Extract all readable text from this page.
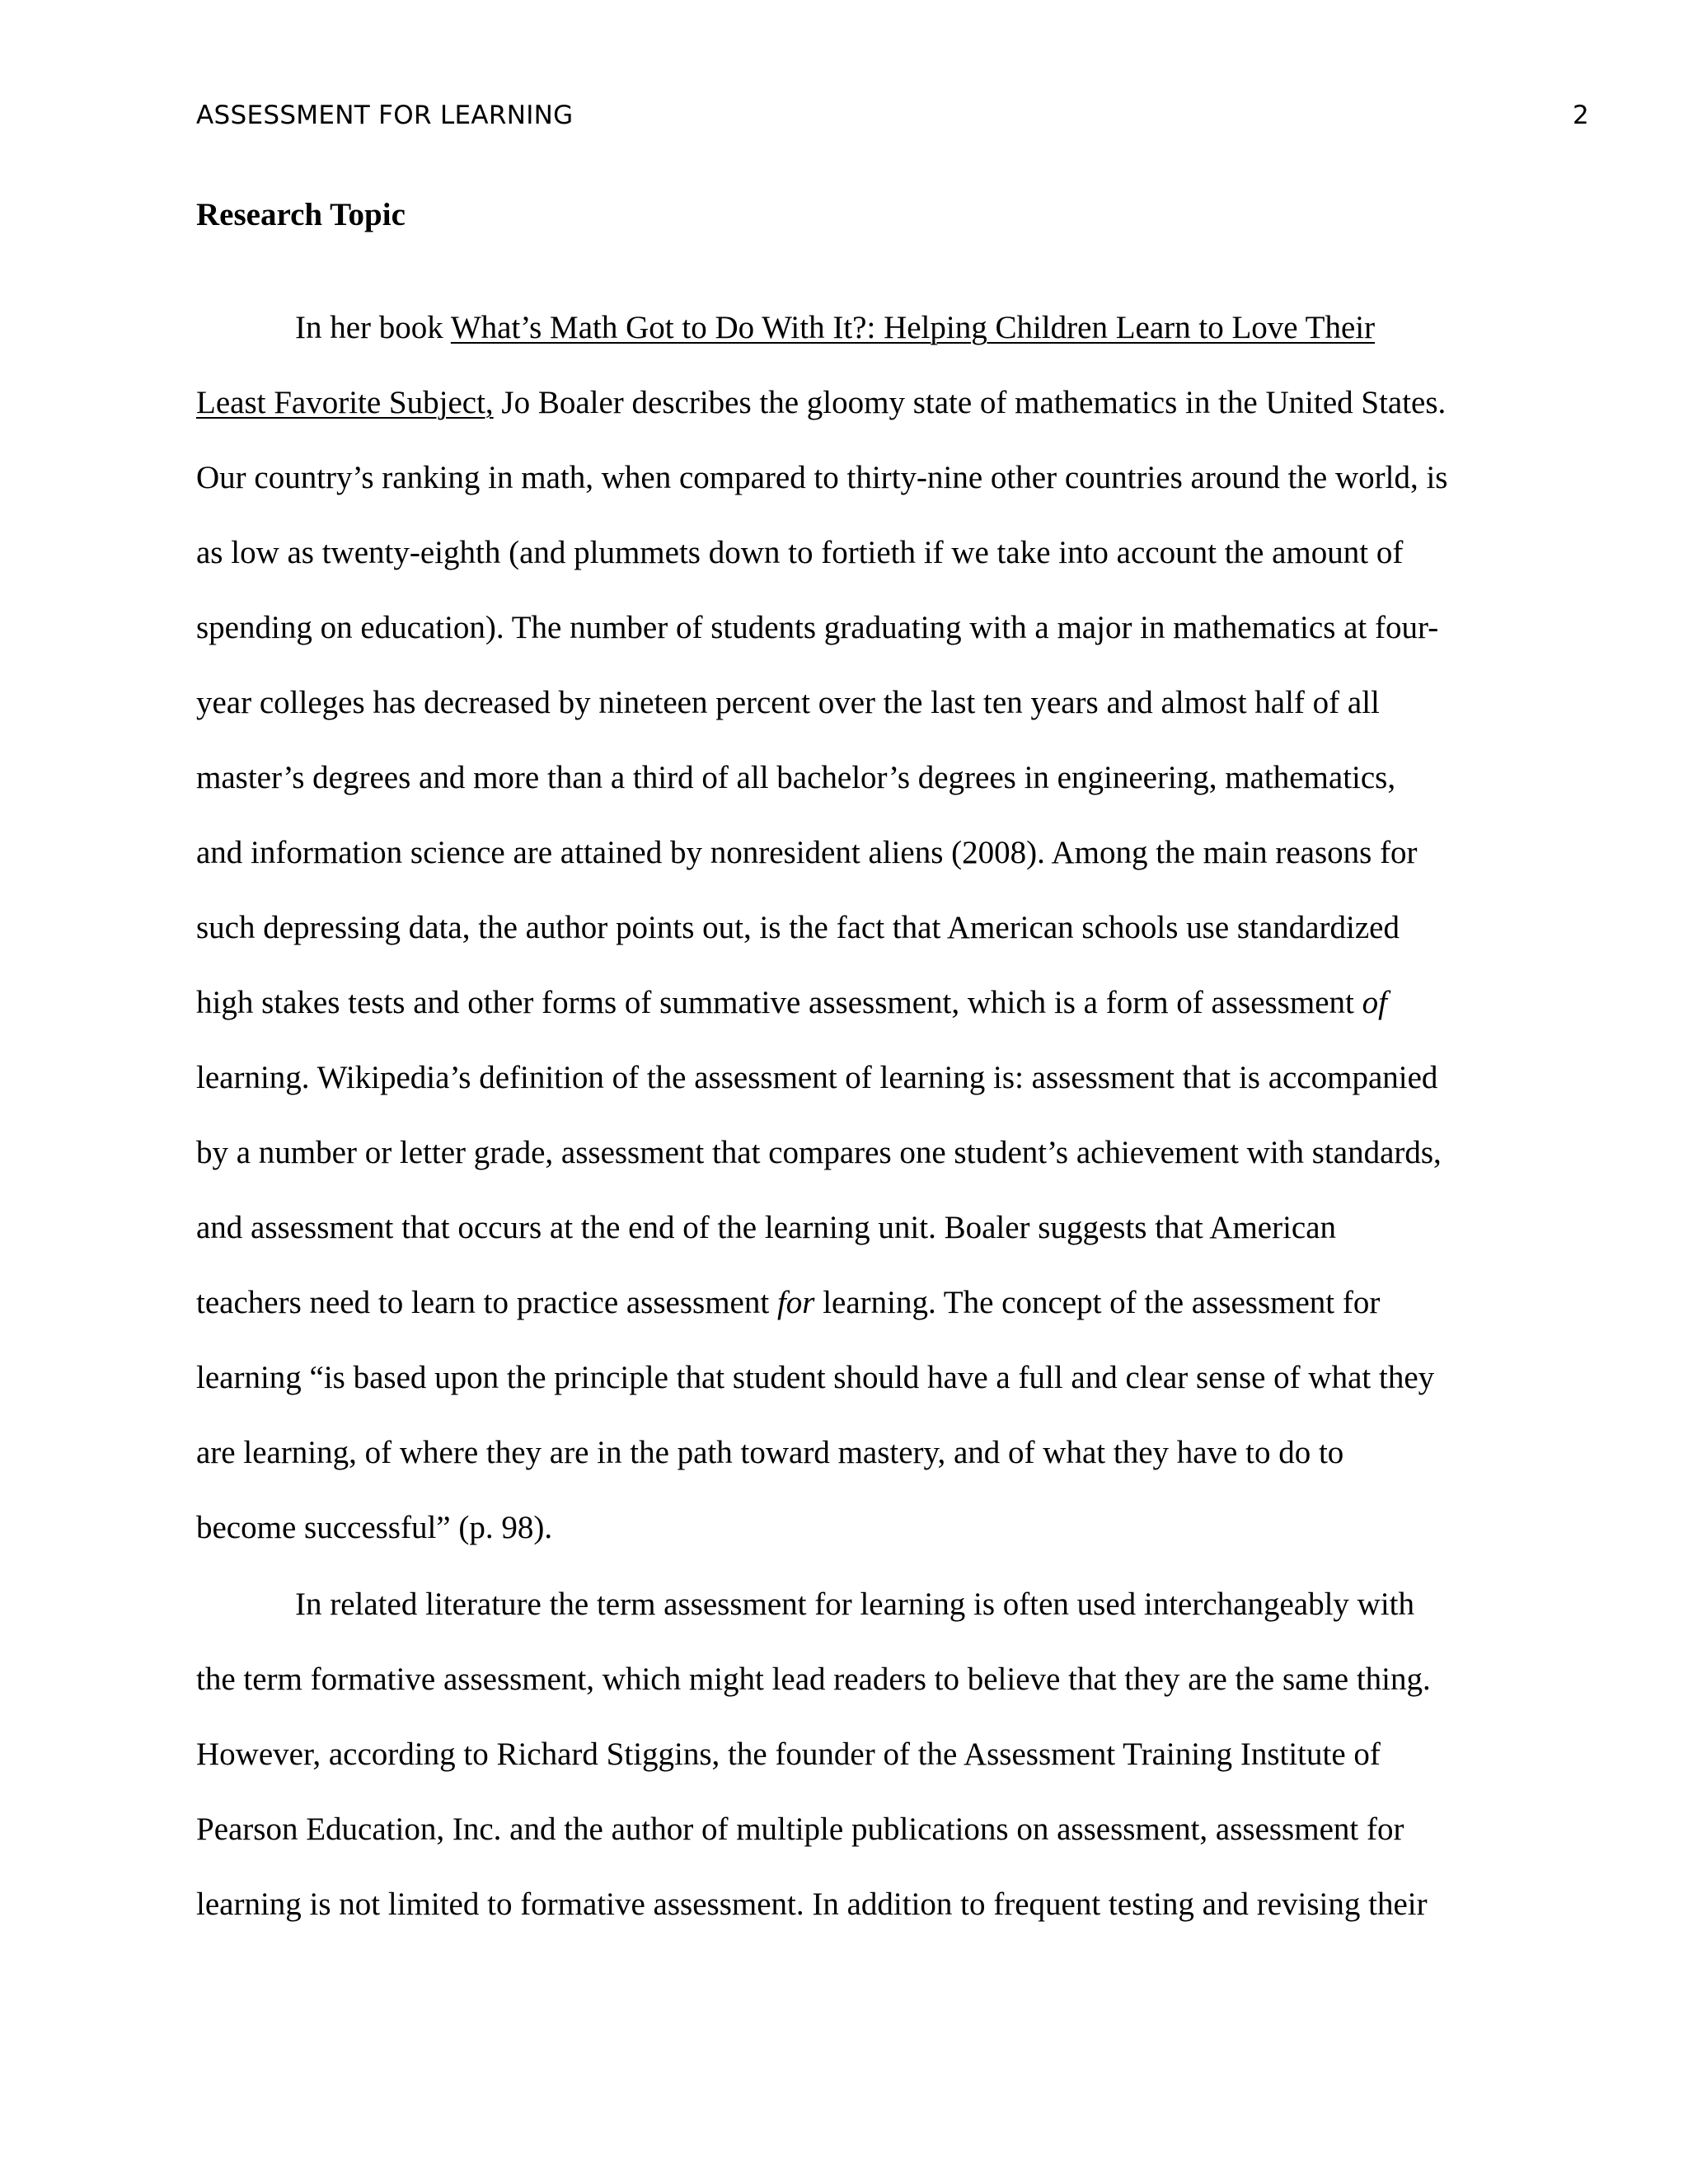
ASSESSMENT FOR LEARNING	2
Research Topic
In her book What’s Math Got to Do With It?: Helping Children Learn to Love Their
Least Favorite Subject, Jo Boaler describes the gloomy state of mathematics in the United States.
Our country’s ranking in math, when compared to thirty-nine other countries around the world, is
as low as twenty-eighth (and plummets down to fortieth if we take into account the amount of
spending on education). The number of students graduating with a major in mathematics at four-
year colleges has decreased by nineteen percent over the last ten years and almost half of all
master’s degrees and more than a third of all bachelor’s degrees in engineering, mathematics,
and information science are attained by nonresident aliens (2008). Among the main reasons for
such depressing data, the author points out, is the fact that American schools use standardized
high stakes tests and other forms of summative assessment, which is a form of assessment of
learning. Wikipedia’s definition of the assessment of learning is: assessment that is accompanied
by a number or letter grade, assessment that compares one student’s achievement with standards,
and assessment that occurs at the end of the learning unit. Boaler suggests that American
teachers need to learn to practice assessment for learning. The concept of the assessment for
learning “is based upon the principle that student should have a full and clear sense of what they
are learning, of where they are in the path toward mastery, and of what they have to do to
become successful” (p. 98).
In related literature the term assessment for learning is often used interchangeably with
the term formative assessment, which might lead readers to believe that they are the same thing.
However, according to Richard Stiggins, the founder of the Assessment Training Institute of
Pearson Education, Inc. and the author of multiple publications on assessment, assessment for
learning is not limited to formative assessment. In addition to frequent testing and revising their
